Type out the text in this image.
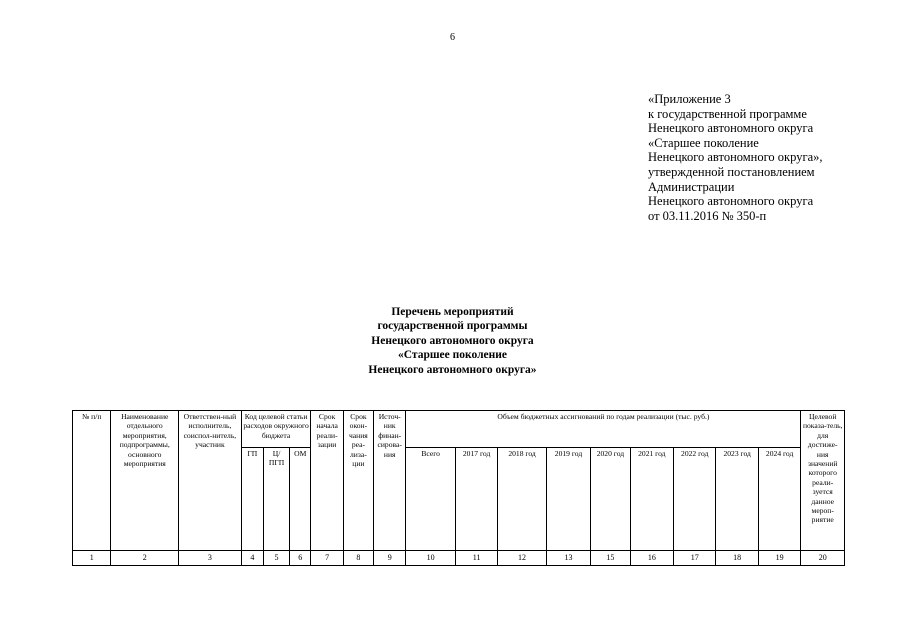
6
«Приложение 3
к государственной программе
Ненецкого автономного округа
«Старшее поколение
Ненецкого автономного округа»,
утвержденной постановлением
Администрации
Ненецкого автономного округа
от 03.11.2016 № 350-п
Перечень мероприятий
государственной программы
Ненецкого автономного округа
«Старшее поколение
Ненецкого автономного округа»
№ п/п	Наименование отдельного мероприятия, подпрограммы, основного мероприятия	Ответствен-ный исполнитель, соиспол-нитель, участник	Код целевой статьи расходов окружного бюджета			Срок начала реали-зации	Срок окон-чания реа-лиза-ции	Источ-ник финан-сирова-ния	Объем бюджетных ассигнований по годам реализации (тыс. руб.)									Целевой показа-тель, для достиже-ния значений которого реали-зуется данное мероп-риятие
			ГП	Ц/ ПГП	ОМ				Всего	2017 год	2018 год	2019 год	2020 год	2021 год	2022 год	2023 год	2024 год	
1	2	3	4	5	6	7	8	9	10	11	12	13	15	16	17	18	19	20
